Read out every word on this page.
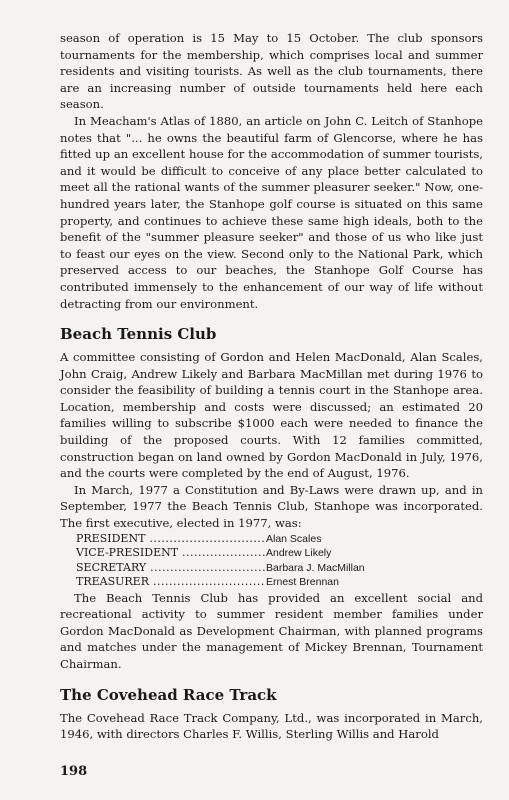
season of operation is 15 May to 15 October. The club sponsors tournaments for the membership, which comprises local and summer residents and visiting tourists. As well as the club tournaments, there are an increasing number of outside tournaments held here each season.

In Meacham's Atlas of 1880, an article on John C. Leitch of Stanhope notes that "... he owns the beautiful farm of Glencorse, where he has fitted up an excellent house for the accommodation of summer tourists, and it would be difficult to conceive of any place better calculated to meet all the rational wants of the summer pleasurer seeker." Now, one-hundred years later, the Stanhope golf course is situated on this same property, and continues to achieve these same high ideals, both to the benefit of the "summer pleasure seeker" and those of us who like just to feast our eyes on the view. Second only to the National Park, which preserved access to our beaches, the Stanhope Golf Course has contributed immensely to the enhancement of our way of life without detracting from our environment.

Beach Tennis Club

A committee consisting of Gordon and Helen MacDonald, Alan Scales, John Craig, Andrew Likely and Barbara MacMillan met during 1976 to consider the feasibility of building a tennis court in the Stanhope area. Location, membership and costs were discussed; an estimated 20 families willing to subscribe $1000 each were needed to finance the building of the proposed courts. With 12 families committed, construction began on land owned by Gordon MacDonald in July, 1976, and the courts were completed by the end of August, 1976.

In March, 1977 a Constitution and By-Laws were drawn up, and in September, 1977 the Beach Tennis Club, Stanhope was incorporated. The first executive, elected in 1977, was:

PRESIDENT .....	Alan Scales
VICE-PRESIDENT .....	Andrew Likely
SECRETARY .....	Barbara J. MacMillan
TREASURER .....	Ernest Brennan

The Beach Tennis Club has provided an excellent social and recreational activity to summer resident member families under Gordon MacDonald as Development Chairman, with planned programs and matches under the management of Mickey Brennan, Tournament Chairman.

The Covehead Race Track

The Covehead Race Track Company, Ltd., was incorporated in March, 1946, with directors Charles F. Willis, Sterling Willis and Harold

198
